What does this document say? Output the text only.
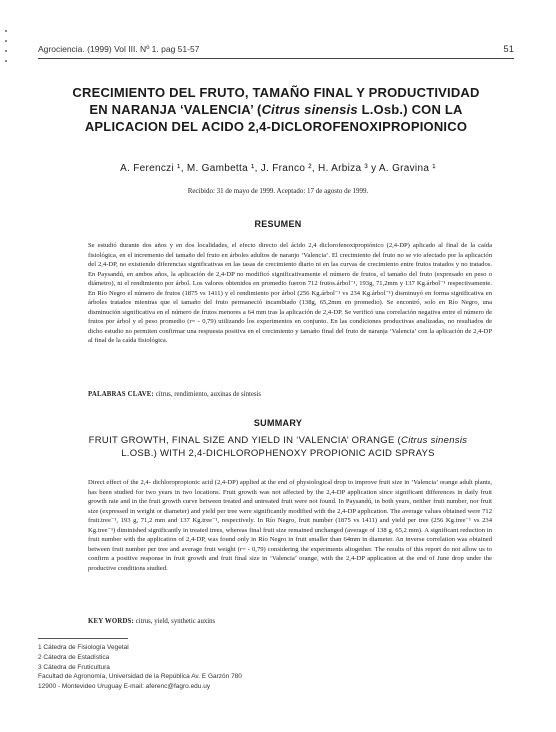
Agrociencia. (1999) Vol III. Nº 1. pag 51-57	51
CRECIMIENTO DEL FRUTO, TAMAÑO FINAL Y PRODUCTIVIDAD
EN NARANJA ‘VALENCIA’ (Citrus sinensis L.Osb.) CON LA
APLICACION DEL ACIDO 2,4-DICLOROFENOXIPROPIONICO
A. Ferenczi ¹, M. Gambetta ¹, J. Franco ², H. Arbiza ³ y A. Gravina ¹
Recibido: 31 de mayo de 1999. Aceptado: 17 de agosto de 1999.
RESUMEN
Se estudió durante dos años y en dos localidades, el efecto directo del ácido 2,4 diclorofenoxipropiónico (2,4-DP) aplicado al final de la caída fisiológica, en el incremento del tamaño del fruto en árboles adultos de naranjo ‘Valencia’. El crecimiento del fruto no se vio afectado por la aplicación del 2,4-DP, no existiendo diferencias significativas en las tasas de crecimiento diario ni en las curvas de crecimiento entre frutos tratados y no tratados. En Paysandú, en ambos años, la aplicación de 2,4-DP no modificó significativamente el número de frutos, el tamaño del fruto (expresado en peso o diámetro), ni el rendimiento por árbol. Los valores obtenidos en promedio fueron 712 frutos.árbol⁻¹, 193g, 71,2mm y 137 Kg.árbol⁻¹ respectivamente. En Río Negro el número de frutos (1875 vs 1411) y el rendimiento por árbol (256 Kg.árbol⁻¹ vs 234 Kg.árbol⁻¹) disminuyó en forma significativa en árboles tratados mientras que el tamaño del fruto permaneció incambiado (138g, 65,2mm en promedio). Se encontró, solo en Río Negro, una disminución significativa en el número de frutos menores a 64 mm tras la aplicación de 2,4-DP. Se verificó una correlación negativa entre el número de frutos por árbol y el peso promedio (r= - 0,79) utilizando los experimentos en conjunto. En las condiciones productivas analizadas, no resultados de dicho estudio no permiten confirmar una respuesta positiva en el crecimiento y tamaño final del fruto de naranja ‘Valencia’ con la aplicación de 2,4-DP al final de la caída fisiológica.
PALABRAS CLAVE: cítrus, rendimiento, auxinas de síntesis
SUMMARY
FRUIT GROWTH, FINAL SIZE AND YIELD IN ‘VALENCIA’ ORANGE (Citrus sinensis L.OSB.) WITH 2,4-DICHLOROPHENOXY PROPIONIC ACID SPRAYS
Direct effect of the 2,4- dichloropropionic acid (2,4-DP) applied at the end of physiological drop to improve fruit size in ‘Valencia’ orange adult plants, has been studied for two years in two locations. Fruit growth was not affected by the 2,4-DP application since significant differences in daily fruit growth rate and in the fruit growth curve between treated and untreated fruit were not found. In Paysandú, in both years, neither fruit number, nor fruit size (expressed in weight or diameter) and yield per tree were significantly modified with the 2,4-DP application. The average values obtained were 712 fruit.tree⁻¹, 193 g, 71,2 mm and 137 Kg.tree⁻¹, respectively. In Río Negro, fruit number (1875 vs 1411) and yield per tree (256 Kg.tree⁻¹ vs 234 Kg.tree⁻¹) diminished significantly in treated trees, whereas final fruit size remained unchanged (average of 138 g, 65,2 mm). A significant reduction in fruit number with the application of 2,4-DP, was found only in Río Negro in fruit smaller than 64mm in diameter. An inverse correlation was obtained between fruit number per tree and average fruit weight (r= - 0,79) considering the experiments altogether. The results of this report do not allow us to confirm a positive response in fruit growth and fruit final size in ‘Valencia’ orange, with the 2,4-DP application at the end of June drop under the productive conditions studied.
KEY WORDS: citrus, yield, synthetic auxins
1 Cátedra de Fisiología Vegetal
2 Cátedra de Estadística
3 Cátedra de Fruticultura
Facultad de Agronomía, Universidad de la República Av. E Garzón 780
12900 - Montevideo Uruguay E-mail: aferenc@fagro.edu.uy
